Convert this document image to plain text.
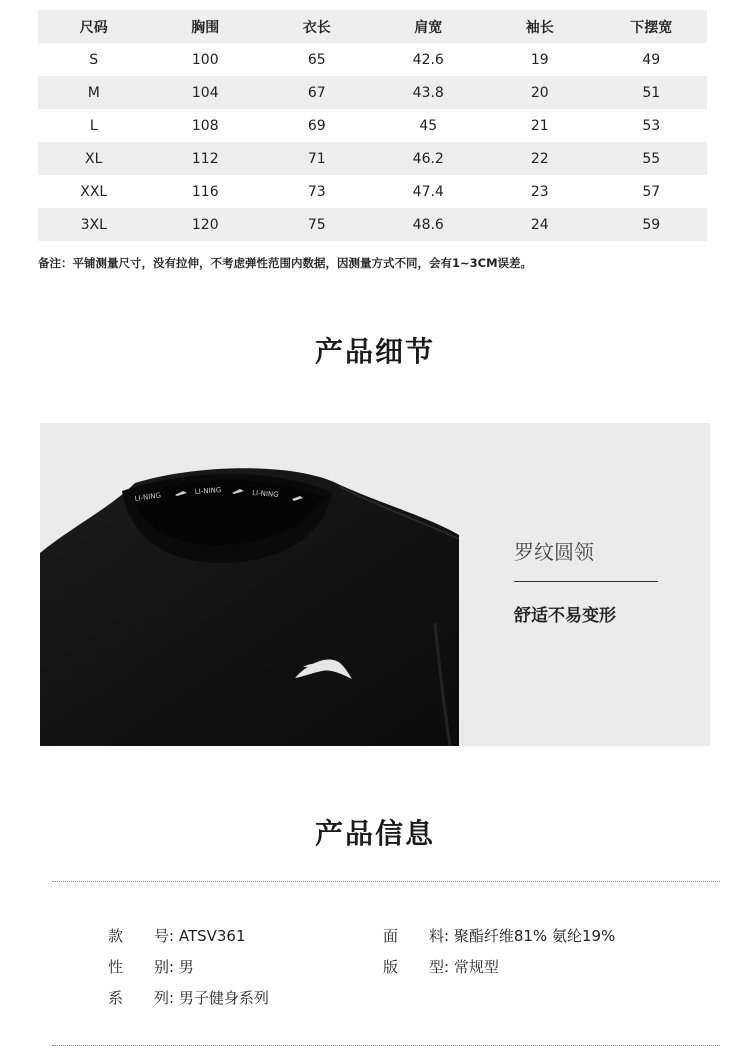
尺码	胸围	衣长	肩宽	袖长	下摆宽
S	100	65	42.6	19	49
M	104	67	43.8	20	51
L	108	69	45	21	53
XL	112	71	46.2	22	55
XXL	116	73	47.4	23	57
3XL	120	75	48.6	24	59
备注：平铺测量尺寸，没有拉伸，不考虑弹性范围内数据，因测量方式不同，会有1~3CM误差。
产品细节
LI-NING
LI-NING	LI-NING
罗纹圆领
舒适不易变形
产品信息
款 号: ATSV361	面 料: 聚酯纤维81% 氨纶19%
性 别: 男	版 型: 常规型
系 列: 男子健身系列
